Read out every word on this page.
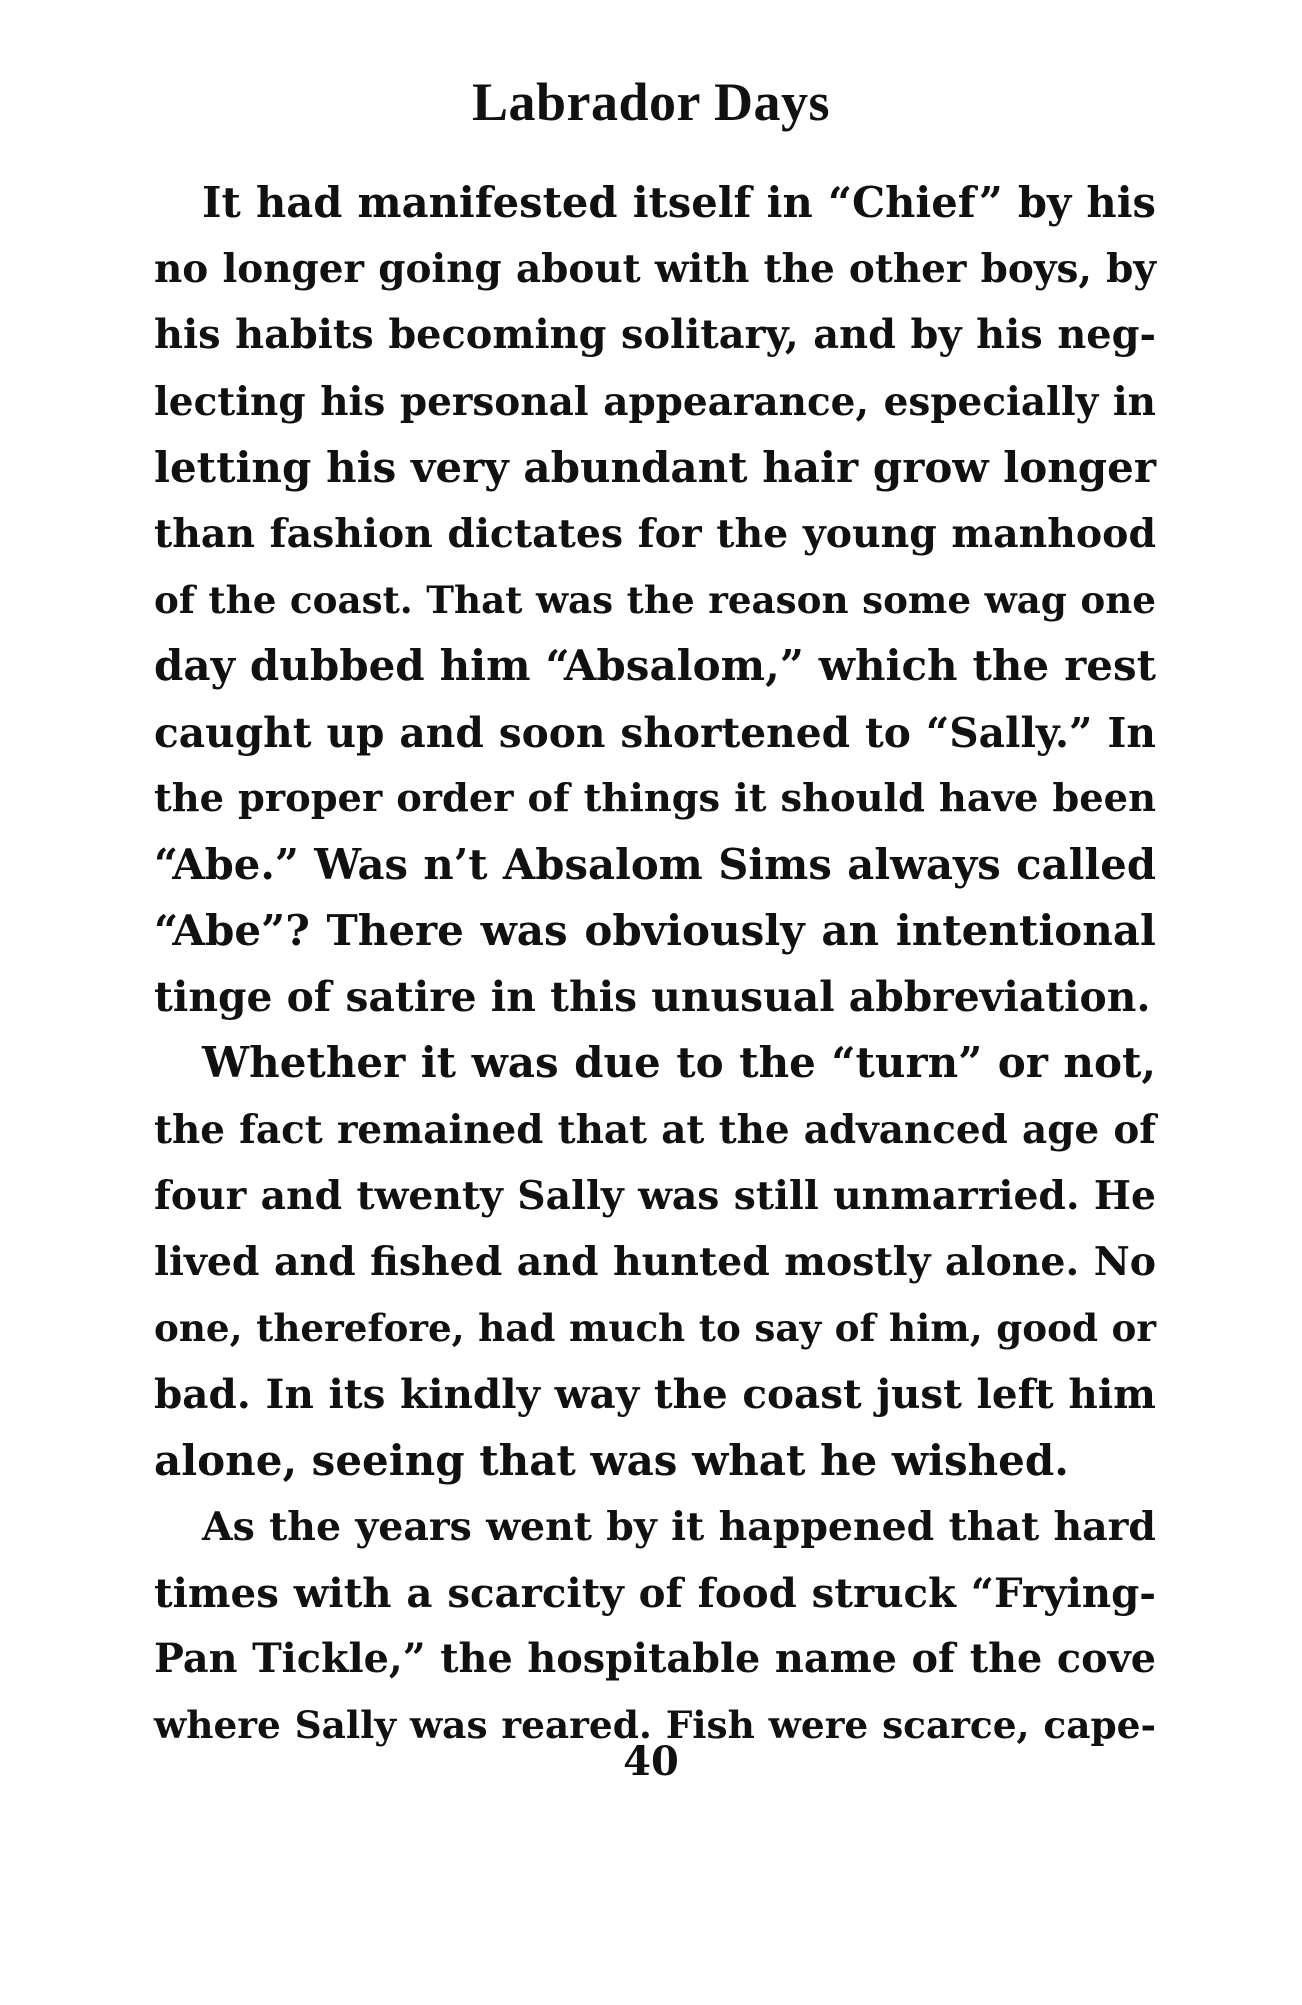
Labrador Days
It had manifested itself in “Chief” by his
no longer going about with the other boys, by
his habits becoming solitary, and by his neg-
lecting his personal appearance, especially in
letting his very abundant hair grow longer
than fashion dictates for the young manhood
of the coast. That was the reason some wag one
day dubbed him “Absalom,” which the rest
caught up and soon shortened to “Sally.” In
the proper order of things it should have been
“Abe.” Was n’t Absalom Sims always called
“Abe”? There was obviously an intentional
tinge of satire in this unusual abbreviation.
Whether it was due to the “turn” or not,
the fact remained that at the advanced age of
four and twenty Sally was still unmarried. He
lived and fished and hunted mostly alone. No
one, therefore, had much to say of him, good or
bad. In its kindly way the coast just left him
alone, seeing that was what he wished.
As the years went by it happened that hard
times with a scarcity of food struck “Frying-
Pan Tickle,” the hospitable name of the cove
where Sally was reared. Fish were scarce, cape-
40
